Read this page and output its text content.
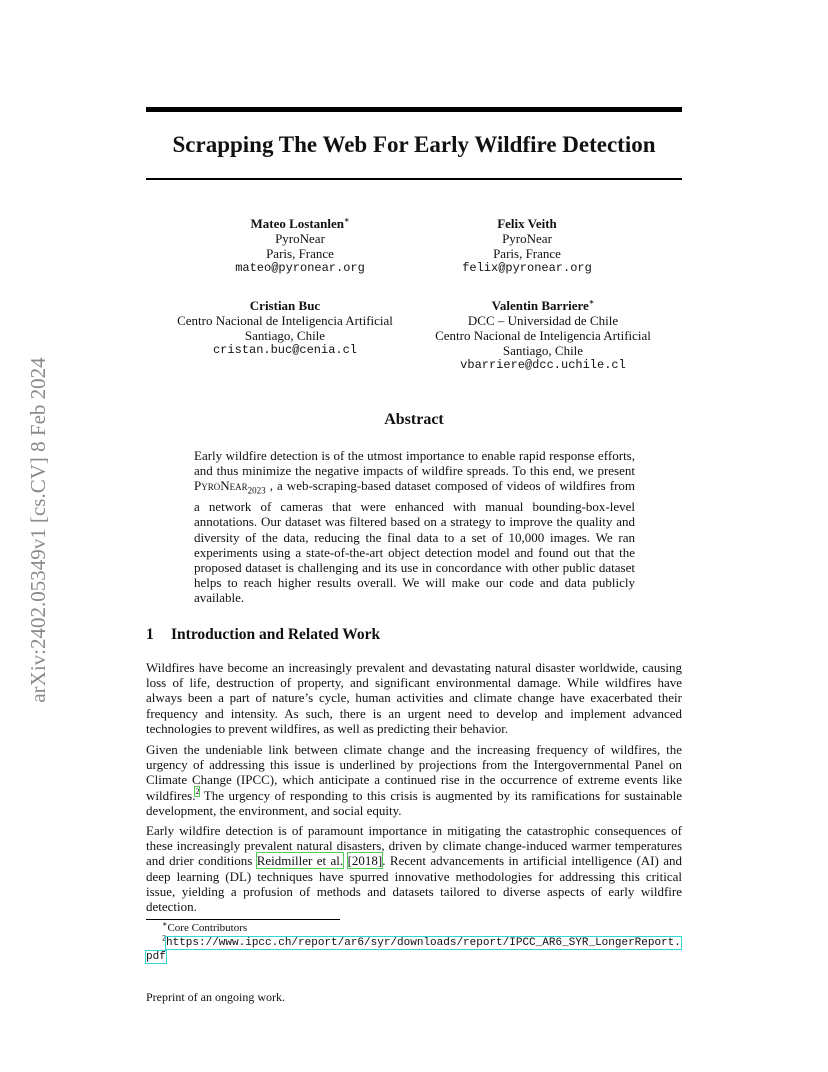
arXiv:2402.05349v1 [cs.CV] 8 Feb 2024
Scrapping The Web For Early Wildfire Detection
Mateo Lostanlen∗
PyroNear
Paris, France
mateo@pyronear.org
Felix Veith
PyroNear
Paris, France
felix@pyronear.org
Cristian Buc
Centro Nacional de Inteligencia Artificial
Santiago, Chile
cristan.buc@cenia.cl
Valentin Barriere∗
DCC – Universidad de Chile
Centro Nacional de Inteligencia Artificial
Santiago, Chile
vbarriere@dcc.uchile.cl
Abstract
Early wildfire detection is of the utmost importance to enable rapid response efforts, and thus minimize the negative impacts of wildfire spreads. To this end, we present PyroNear$_{2023}$ , a web-scraping-based dataset composed of videos of wildfires from a network of cameras that were enhanced with manual bounding-box-level annotations. Our dataset was filtered based on a strategy to improve the quality and diversity of the data, reducing the final data to a set of 10,000 images. We ran experiments using a state-of-the-art object detection model and found out that the proposed dataset is challenging and its use in concordance with other public dataset helps to reach higher results overall. We will make our code and data publicly available.
1 Introduction and Related Work
Wildfires have become an increasingly prevalent and devastating natural disaster worldwide, causing loss of life, destruction of property, and significant environmental damage. While wildfires have always been a part of nature’s cycle, human activities and climate change have exacerbated their frequency and intensity. As such, there is an urgent need to develop and implement advanced technologies to prevent wildfires, as well as predicting their behavior.
Given the undeniable link between climate change and the increasing frequency of wildfires, the urgency of addressing this issue is underlined by projections from the Intergovernmental Panel on Climate Change (IPCC), which anticipate a continued rise in the occurrence of extreme events like wildfires.$^2$ The urgency of responding to this crisis is augmented by its ramifications for sustainable development, the environment, and social equity.
Early wildfire detection is of paramount importance in mitigating the catastrophic consequences of these increasingly prevalent natural disasters, driven by climate change-induced warmer temperatures and drier conditions Reidmiller et al. [2018]. Recent advancements in artificial intelligence (AI) and deep learning (DL) techniques have spurred innovative methodologies for addressing this critical issue, yielding a profusion of methods and datasets tailored to diverse aspects of early wildfire detection.
∗Core Contributors
$^2$https://www.ipcc.ch/report/ar6/syr/downloads/report/IPCC_AR6_SYR_LongerReport.
pdf
Preprint of an ongoing work.
